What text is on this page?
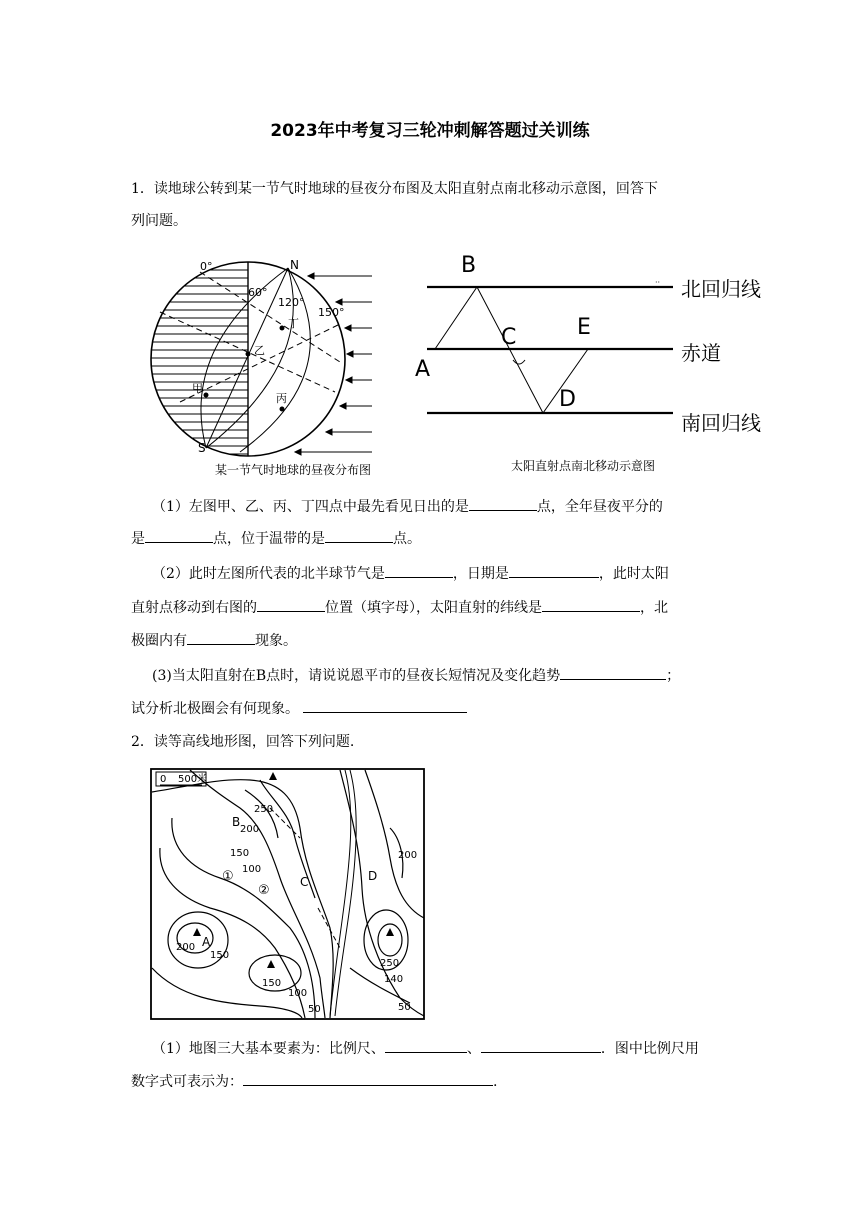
2023年中考复习三轮冲刺解答题过关训练
1．读地球公转到某一节气时地球的昼夜分布图及太阳直射点南北移动示意图，回答下
列问题。
0°
60°
120°
150°
N
S
丁
乙
甲
丙
某一节气时地球的昼夜分布图
··
B
C	E
A
D
北回归线
赤道
南回归线
太阳直射点南北移动示意图
（1）左图甲、乙、丙、丁四点中最先看见日出的是	点，全年昼夜平分的
是	点，位于温带的是	点。
（2）此时左图所代表的北半球节气是	，日期是	，此时太阳
直射点移动到右图的	位置（填字母），太阳直射的纬线是	，北
极圈内有	现象。
(3)当太阳直射在B点时，请说说恩平市的昼夜长短情况及变化趋势	；
试分析北极圈会有何现象。
2．读等高线地形图，回答下列问题.
0 500米
B
C	D
A
①
②
250
200
150
100
200
200
150
250
150
100
50
140
50
（1）地图三大基本要素为：比例尺、	、	．图中比例尺用
数字式可表示为：	.
